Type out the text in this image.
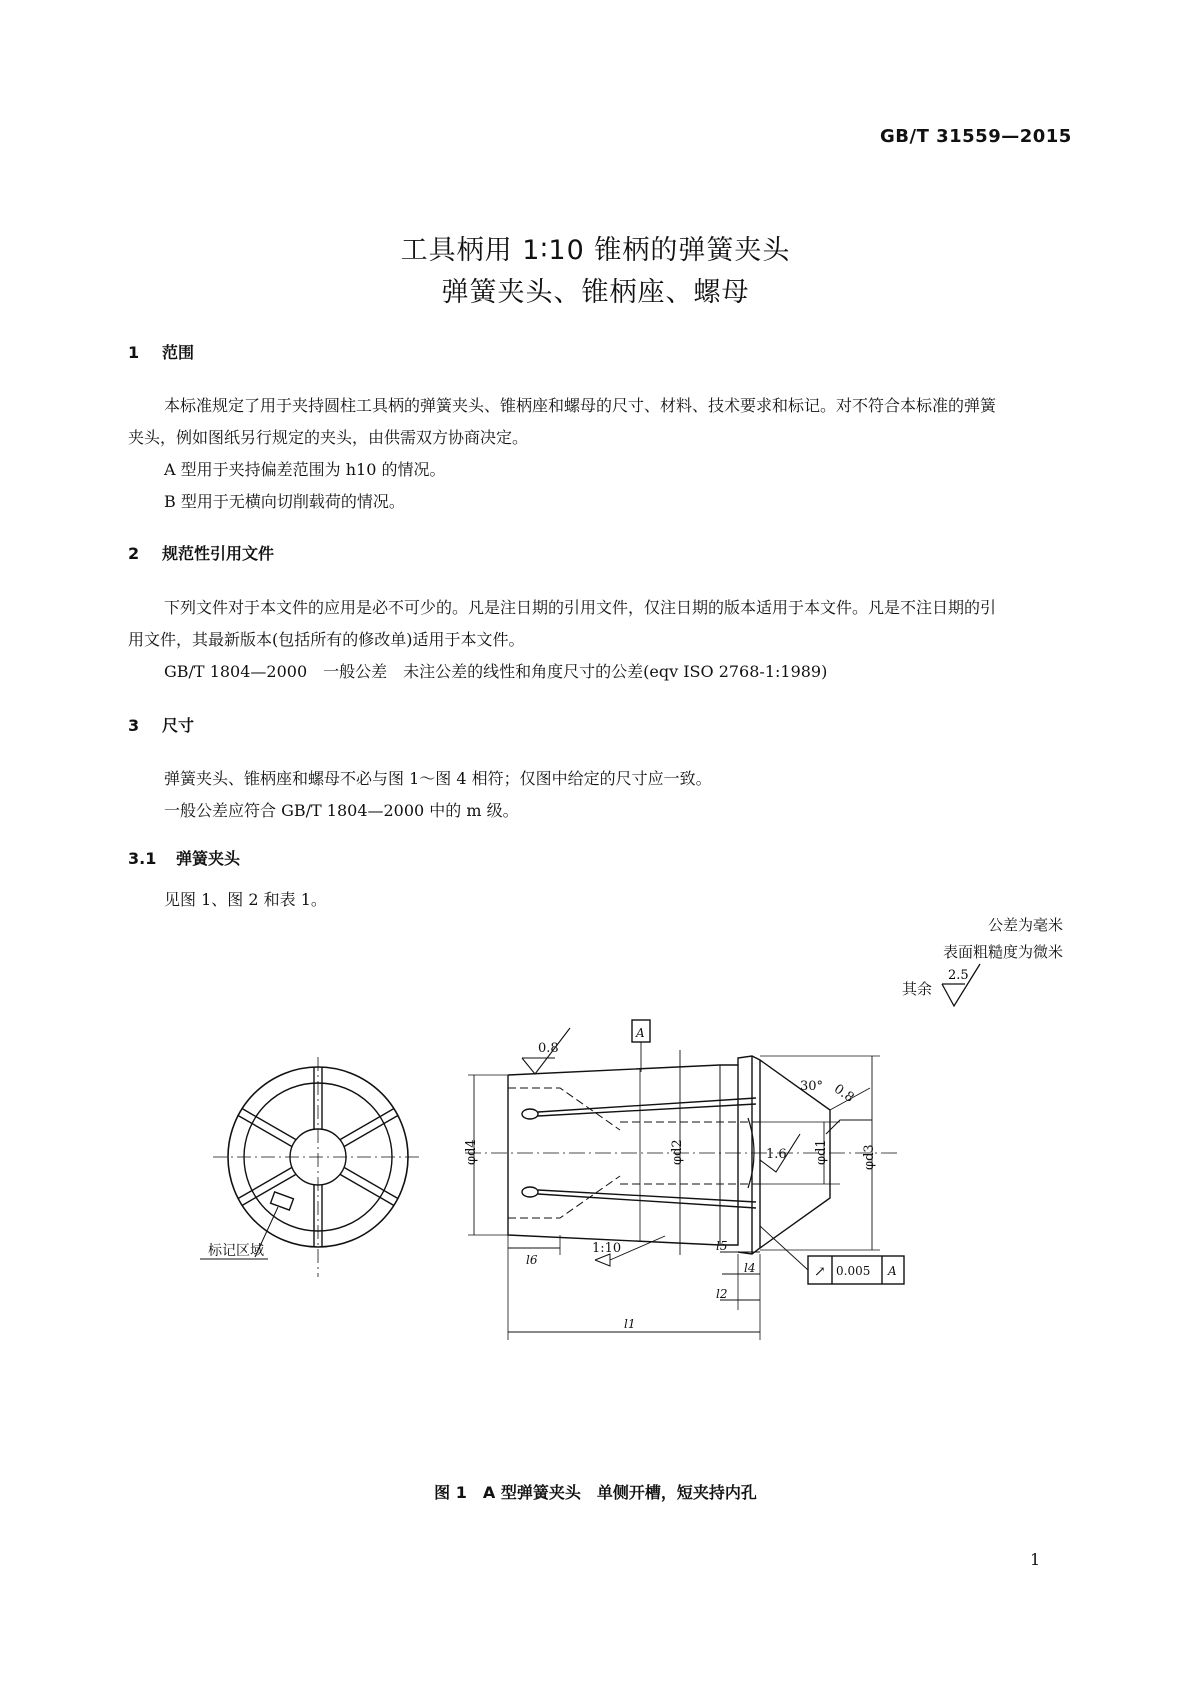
GB/T 31559—2015
工具柄用 1∶10 锥柄的弹簧夹头
弹簧夹头、锥柄座、螺母
1 范围
本标准规定了用于夹持圆柱工具柄的弹簧夹头、锥柄座和螺母的尺寸、材料、技术要求和标记。对不符合本标准的弹簧夹头，例如图纸另行规定的夹头，由供需双方协商决定。
A 型用于夹持偏差范围为 h10 的情况。
B 型用于无横向切削载荷的情况。
2 规范性引用文件
下列文件对于本文件的应用是必不可少的。凡是注日期的引用文件，仅注日期的版本适用于本文件。凡是不注日期的引用文件，其最新版本(包括所有的修改单)适用于本文件。
GB/T 1804—2000　一般公差　未注公差的线性和角度尺寸的公差(eqv ISO 2768-1:1989)
3 尺寸
弹簧夹头、锥柄座和螺母不必与图 1～图 4 相符；仅图中给定的尺寸应一致。
一般公差应符合 GB/T 1804—2000 中的 m 级。
3.1 弹簧夹头
见图 1、图 2 和表 1。
公差为毫米
表面粗糙度为微米
其余
2.5
标记区域
φd4	φd2	φd1	φd3
A
0.8
30° 0.8
1.6
1:10
↗ 0.005 A
l6
l5
l4
l2
l1
图 1　A 型弹簧夹头　单侧开槽，短夹持内孔
1
